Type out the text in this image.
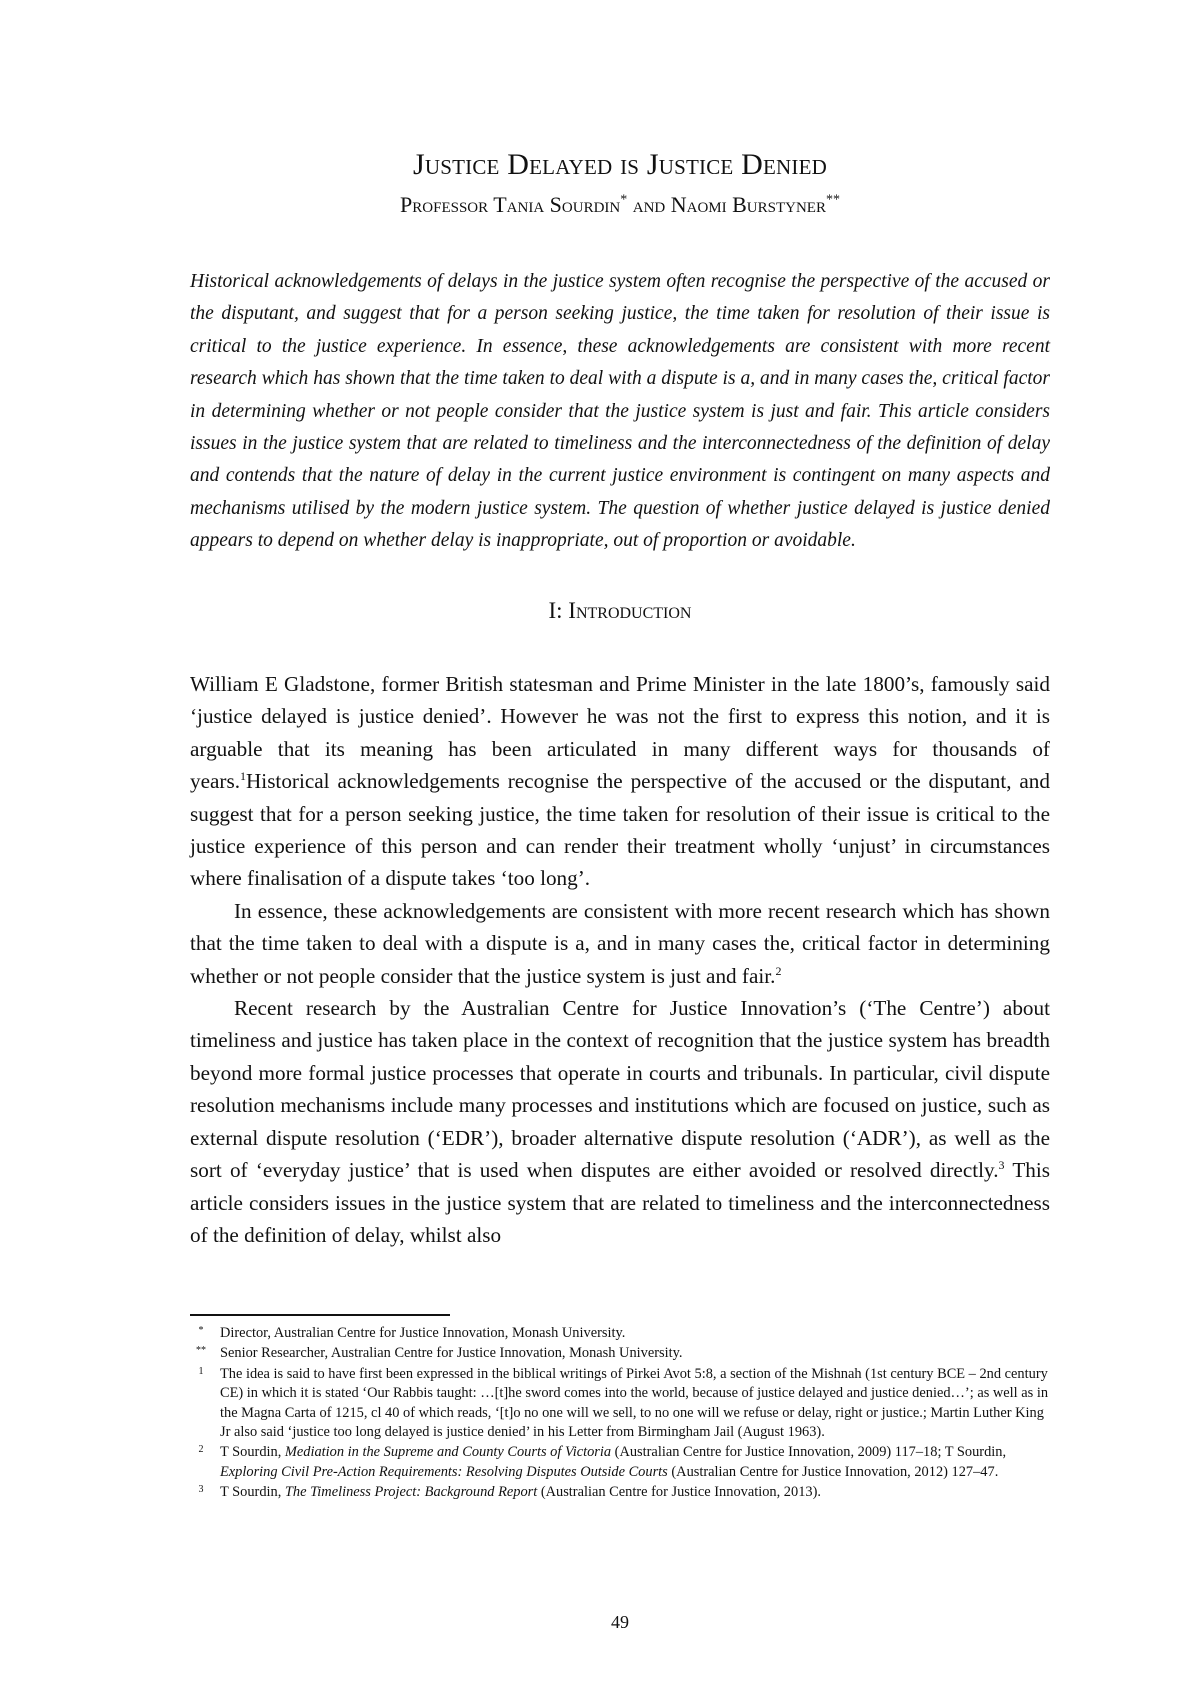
Justice Delayed is Justice Denied
Professor Tania Sourdin* and Naomi Burstyner**

Historical acknowledgements of delays in the justice system often recognise the perspective of the accused or the disputant, and suggest that for a person seeking justice, the time taken for resolution of their issue is critical to the justice experience. In essence, these acknowledgements are consistent with more recent research which has shown that the time taken to deal with a dispute is a, and in many cases the, critical factor in determining whether or not people consider that the justice system is just and fair. This article considers issues in the justice system that are related to timeliness and the interconnectedness of the definition of delay and contends that the nature of delay in the current justice environment is contingent on many aspects and mechanisms utilised by the modern justice system. The question of whether justice delayed is justice denied appears to depend on whether delay is inappropriate, out of proportion or avoidable.

I: Introduction

William E Gladstone, former British statesman and Prime Minister in the late 1800’s, famously said ‘justice delayed is justice denied’. However he was not the first to express this notion, and it is arguable that its meaning has been articulated in many different ways for thousands of years.$^1$Historical acknowledgements recognise the perspective of the accused or the disputant, and suggest that for a person seeking justice, the time taken for resolution of their issue is critical to the justice experience of this person and can render their treatment wholly ‘unjust’ in circumstances where finalisation of a dispute takes ‘too long’.

In essence, these acknowledgements are consistent with more recent research which has shown that the time taken to deal with a dispute is a, and in many cases the, critical factor in determining whether or not people consider that the justice system is just and fair.$^2$

Recent research by the Australian Centre for Justice Innovation’s (‘The Centre’) about timeliness and justice has taken place in the context of recognition that the justice system has breadth beyond more formal justice processes that operate in courts and tribunals. In particular, civil dispute resolution mechanisms include many processes and institutions which are focused on justice, such as external dispute resolution (‘EDR’), broader alternative dispute resolution (‘ADR’), as well as the sort of ‘everyday justice’ that is used when disputes are either avoided or resolved directly.$^3$ This article considers issues in the justice system that are related to timeliness and the interconnectedness of the definition of delay, whilst also

*	Director, Australian Centre for Justice Innovation, Monash University.
** Senior Researcher, Australian Centre for Justice Innovation, Monash University.
1	The idea is said to have first been expressed in the biblical writings of Pirkei Avot 5:8, a section of the Mishnah (1st century BCE – 2nd century CE) in which it is stated ‘Our Rabbis taught: …[t]he sword comes into the world, because of justice delayed and justice denied…’; as well as in the Magna Carta of 1215, cl 40 of which reads, ‘[t]o no one will we sell, to no one will we refuse or delay, right or justice.; Martin Luther King Jr also said ‘justice too long delayed is justice denied’ in his Letter from Birmingham Jail (August 1963).
2	T Sourdin, Mediation in the Supreme and County Courts of Victoria (Australian Centre for Justice Innovation, 2009) 117–18; T Sourdin, Exploring Civil Pre-Action Requirements: Resolving Disputes Outside Courts (Australian Centre for Justice Innovation, 2012) 127–47.
3	T Sourdin, The Timeliness Project: Background Report (Australian Centre for Justice Innovation, 2013).
49
